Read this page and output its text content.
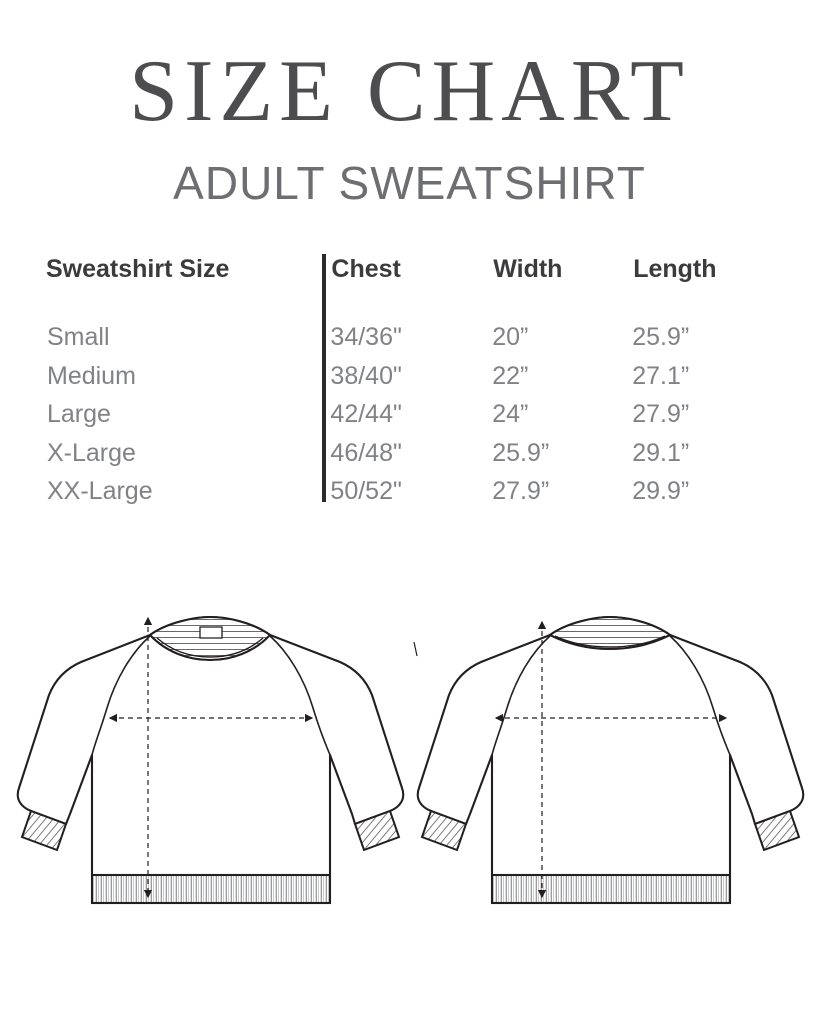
SIZE CHART
ADULT SWEATSHIRT
Sweatshirt Size	Chest	Width	Length
Small	34/36"	20”	25.9”
Medium	38/40"	22”	27.1”
Large	42/44"	24”	27.9”
X-Large	46/48"	25.9”	29.1”
XX-Large	50/52"	27.9”	29.9”
